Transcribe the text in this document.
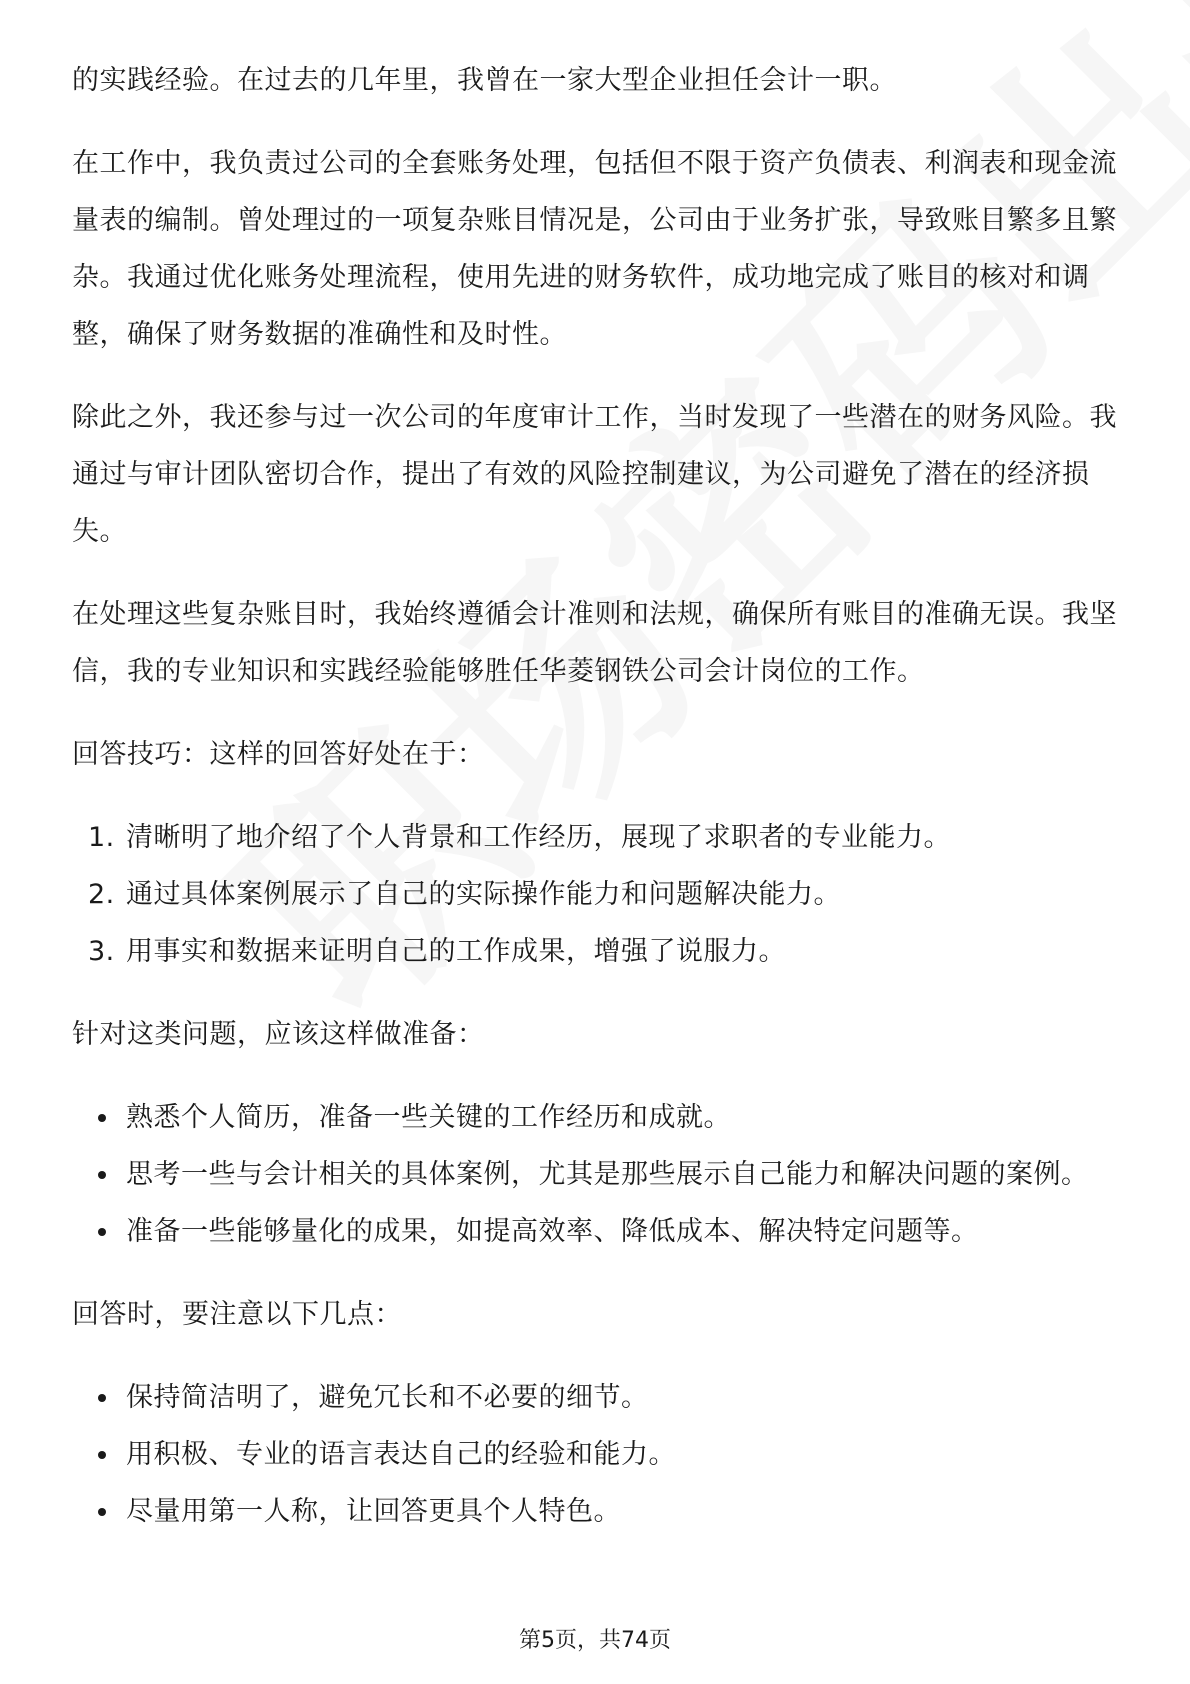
的实践经验。在过去的几年里，我曾在一家大型企业担任会计一职。

在工作中，我负责过公司的全套账务处理，包括但不限于资产负债表、利润表和现金流量表的编制。曾处理过的一项复杂账目情况是，公司由于业务扩张，导致账目繁多且繁杂。我通过优化账务处理流程，使用先进的财务软件，成功地完成了账目的核对和调整，确保了财务数据的准确性和及时性。

除此之外，我还参与过一次公司的年度审计工作，当时发现了一些潜在的财务风险。我通过与审计团队密切合作，提出了有效的风险控制建议，为公司避免了潜在的经济损失。

在处理这些复杂账目时，我始终遵循会计准则和法规，确保所有账目的准确无误。我坚信，我的专业知识和实践经验能够胜任华菱钢铁公司会计岗位的工作。

回答技巧：这样的回答好处在于：

1. 清晰明了地介绍了个人背景和工作经历，展现了求职者的专业能力。
2. 通过具体案例展示了自己的实际操作能力和问题解决能力。
3. 用事实和数据来证明自己的工作成果，增强了说服力。

针对这类问题，应该这样做准备：

熟悉个人简历，准备一些关键的工作经历和成就。
思考一些与会计相关的具体案例，尤其是那些展示自己能力和解决问题的案例。
准备一些能够量化的成果，如提高效率、降低成本、解决特定问题等。

回答时，要注意以下几点：

保持简洁明了，避免冗长和不必要的细节。
用积极、专业的语言表达自己的经验和能力。
尽量用第一人称，让回答更具个人特色。
第5页，共74页
